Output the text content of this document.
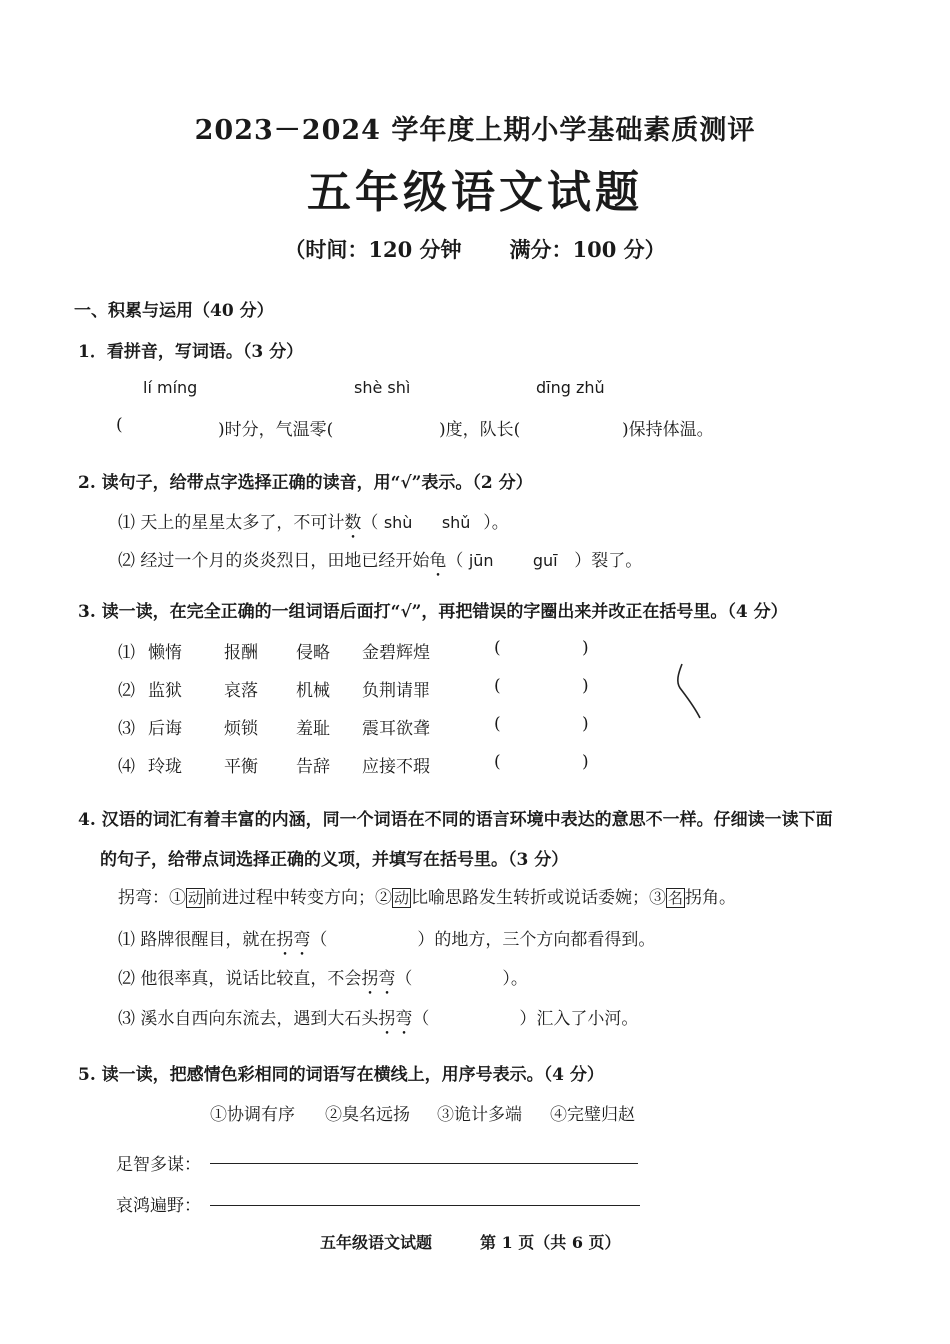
2023－2024 学年度上期小学基础素质测评
五年级语文试题
（时间：120 分钟 满分：100 分）
一、积累与运用（40 分）
1．看拼音，写词语。（3 分）
lí míng	shè shì	dīng zhǔ
(	)时分，气温零(	)度，队长(	)保持体温。
2. 读句子，给带点字选择正确的读音，用“√”表示。（2 分）
⑴ 天上的星星太多了，不可计数（ shù shǔ ）。
⑵ 经过一个月的炎炎烈日，田地已经开始龟（ jūn guī ）裂了。
3. 读一读，在完全正确的一组词语后面打“√”，再把错误的字圈出来并改正在括号里。（4 分）
⑴ 懒惰 报酬 侵略 金碧辉煌	(	)
⑵ 监狱 哀落 机械 负荆请罪	(	)
⑶ 后诲 烦锁 羞耻 震耳欲聋	(	)
⑷ 玲珑 平衡 告辞 应接不瑕	(	)
4. 汉语的词汇有着丰富的内涵，同一个词语在不同的语言环境中表达的意思不一样。仔细读一读下面
的句子，给带点词选择正确的义项，并填写在括号里。（3 分）
拐弯：① 动 前进过程中转变方向；② 动 比喻思路发生转折或说话委婉；③ 名 拐角。
⑴ 路牌很醒目，就在拐弯（	）的地方，三个方向都看得到。
⑵ 他很率真，说话比较直，不会拐弯（	）。
⑶ 溪水自西向东流去，遇到大石头拐弯（	）汇入了小河。
5. 读一读，把感情色彩相同的词语写在横线上，用序号表示。（4 分）
①协调有序 ②臭名远扬 ③诡计多端 ④完璧归赵
足智多谋：
哀鸿遍野：
五年级语文试题	第 1 页（共 6 页）
